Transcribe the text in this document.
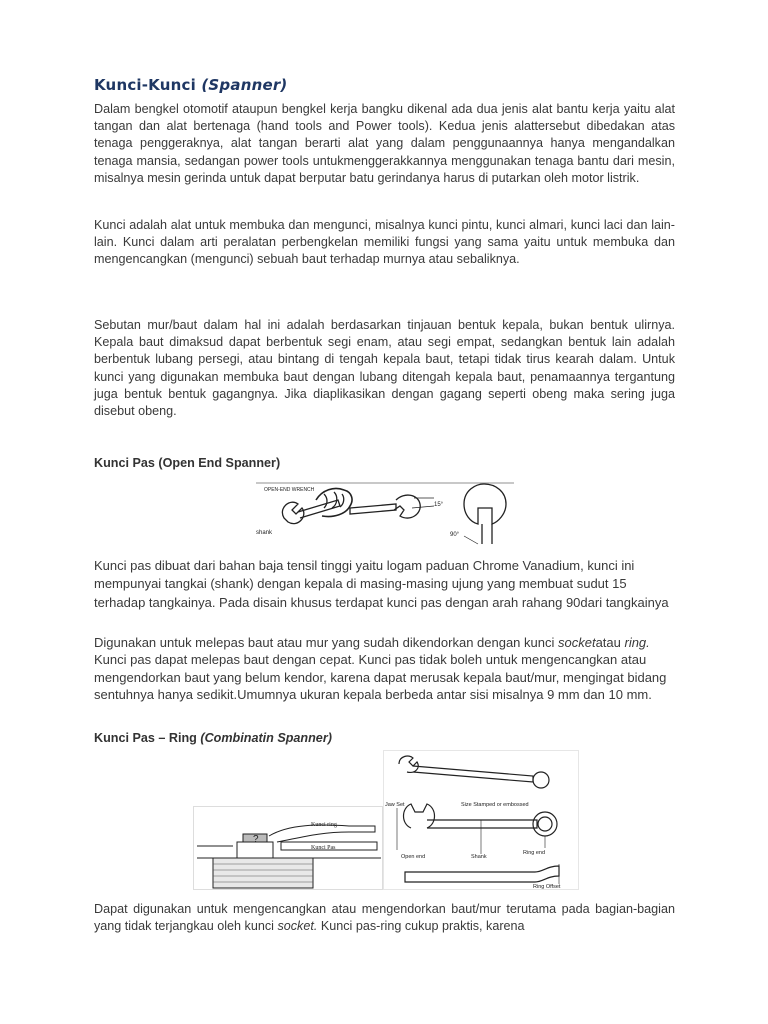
Kunci-Kunci (Spanner)

Dalam bengkel otomotif ataupun bengkel kerja bangku dikenal ada dua jenis alat bantu kerja yaitu alat tangan dan alat bertenaga (hand tools and Power tools). Kedua jenis alattersebut dibedakan atas tenaga penggeraknya, alat tangan berarti alat yang dalam penggunaannya hanya mengandalkan tenaga mansia, sedangan power tools untukmenggerakkannya menggunakan tenaga bantu dari mesin, misalnya mesin gerinda untuk dapat berputar batu gerindanya harus di putarkan oleh motor listrik.

Kunci adalah alat untuk membuka dan mengunci, misalnya kunci pintu, kunci almari, kunci laci dan lain-lain. Kunci dalam arti peralatan perbengkelan memiliki fungsi yang sama yaitu untuk membuka dan mengencangkan (mengunci) sebuah baut terhadap murnya atau sebaliknya.

Sebutan mur/baut dalam hal ini adalah berdasarkan tinjauan bentuk kepala, bukan bentuk ulirnya. Kepala baut dimaksud dapat berbentuk segi enam, atau segi empat, sedangkan bentuk lain adalah berbentuk lubang persegi, atau bintang di tengah kepala baut, tetapi tidak tirus kearah dalam. Untuk kunci yang digunakan membuka baut dengan lubang ditengah kepala baut, penamaannya tergantung juga bentuk bentuk gagangnya. Jika diaplikasikan dengan gagang seperti obeng maka sering juga disebut obeng.

Kunci Pas (Open End Spanner)
OPEN-END WRENCH
shank
15°
90°

Kunci pas dibuat dari bahan baja tensil tinggi yaitu logam paduan Chrome Vanadium, kunci ini mempunyai tangkai (shank) dengan kepala di masing-masing ujung yang membuat sudut 15 terhadap tangkainya. Pada disain khusus terdapat kunci pas dengan arah rahang 90dari tangkainya

Digunakan untuk melepas baut atau mur yang sudah dikendorkan dengan kunci socketatau ring. Kunci pas dapat melepas baut dengan cepat. Kunci pas tidak boleh untuk mengencangkan atau mengendorkan baut yang belum kendor, karena dapat merusak kepala baut/mur, mengingat bidang sentuhnya hanya sedikit.Umumnya ukuran kepala berbeda antar sisi misalnya 9 mm dan 10 mm.

Kunci Pas – Ring (Combinatin Spanner)
Kunci ring
Kunci Pas
?
Jaw Set	Size Stamped or embossed
Open end	Shank
Ring end
Ring Offset

Dapat digunakan untuk mengencangkan atau mengendorkan baut/mur terutama pada bagian-bagian yang tidak terjangkau oleh kunci socket. Kunci pas-ring cukup praktis, karena
